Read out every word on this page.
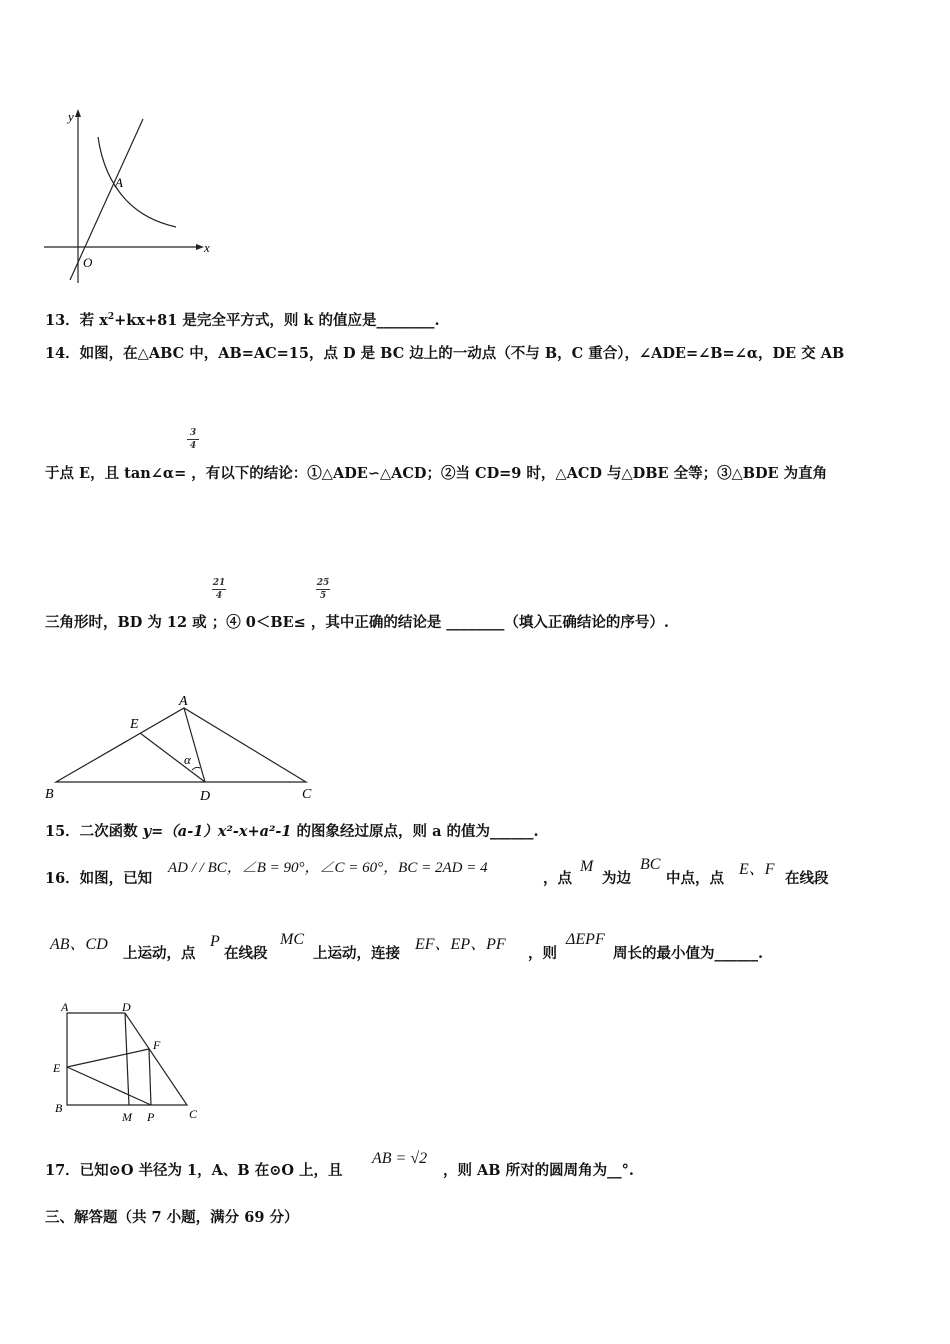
y
x
O
A
13．若 $x^2+kx+81$ 是完全平方式，则 k 的值应是________.
14．如图，在△ABC 中，AB=AC=15，点 D 是 BC 边上的一动点（不与 B，C 重合），∠ADE=∠B=∠α，DE 交 AB
3
4
于点 E，且 tan∠α= ，有以下的结论：①△ADE∽△ACD；②当 CD=9 时，△ACD 与△DBE 全等；③△BDE 为直角
21
4
25
5
三角形时，BD 为 12 或 ；④ 0＜BE≤ ，其中正确的结论是 ________（填入正确结论的序号）.
A
E
α
B	D	C
15．二次函数 y=（a-1）x²-x+a²-1 的图象经过原点，则 a 的值为______.
16．如图，已知
AD / / BC，∠B = 90°，∠C = 60°，BC = 2AD = 4
，点
M
为边
BC
中点，点
E、F
在线段
AB、CD
上运动，点
P
在线段
MC
上运动，连接
EF、EP、PF
，则
ΔEPF
周长的最小值为______.
A	D
F
E
B
M P	C
17．已知⊙O 半径为 1，A、B 在⊙O 上，且
AB = √2
，则 AB 所对的圆周角为__°.
三、解答题（共 7 小题，满分 69 分）
